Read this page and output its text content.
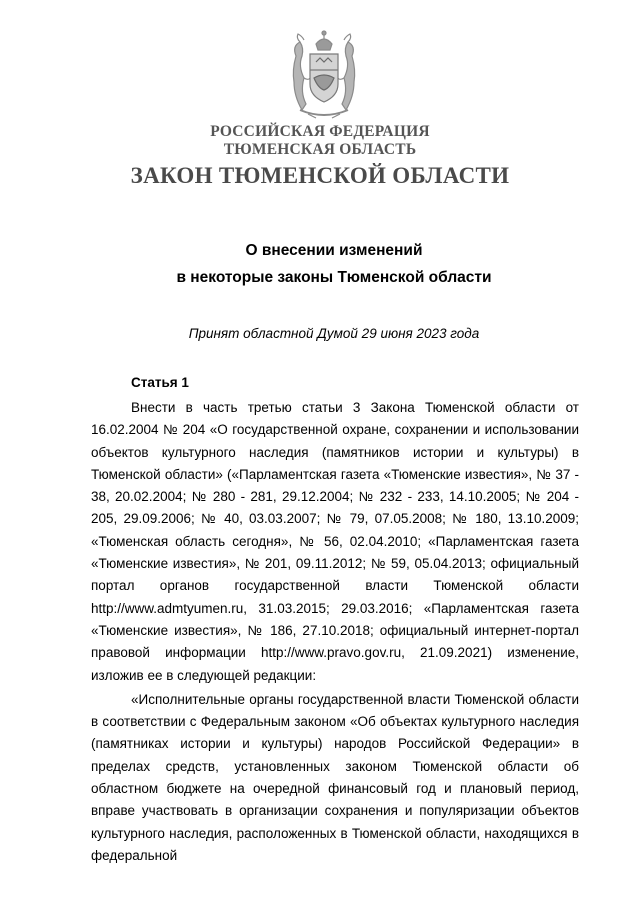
РОССИЙСКАЯ ФЕДЕРАЦИЯ
ТЮМЕНСКАЯ ОБЛАСТЬ
ЗАКОН ТЮМЕНСКОЙ ОБЛАСТИ
О внесении изменений
в некоторые законы Тюменской области
Принят областной Думой 29 июня 2023 года
Статья 1

Внести в часть третью статьи 3 Закона Тюменской области от 16.02.2004 № 204 «О государственной охране, сохранении и использовании объектов культурного наследия (памятников истории и культуры) в Тюменской области» («Парламентская газета «Тюменские известия», № 37 - 38, 20.02.2004; № 280 - 281, 29.12.2004; № 232 - 233, 14.10.2005; № 204 - 205, 29.09.2006; № 40, 03.03.2007; № 79, 07.05.2008; № 180, 13.10.2009; «Тюменская область сегодня», № 56, 02.04.2010; «Парламентская газета «Тюменские известия», № 201, 09.11.2012; № 59, 05.04.2013; официальный портал органов государственной власти Тюменской области http://www.admtyumen.ru, 31.03.2015; 29.03.2016; «Парламентская газета «Тюменские известия», № 186, 27.10.2018; официальный интернет-портал правовой информации http://www.pravo.gov.ru, 21.09.2021) изменение, изложив ее в следующей редакции:

«Исполнительные органы государственной власти Тюменской области в соответствии с Федеральным законом «Об объектах культурного наследия (памятниках истории и культуры) народов Российской Федерации» в пределах средств, установленных законом Тюменской области об областном бюджете на очередной финансовый год и плановый период, вправе участвовать в организации сохранения и популяризации объектов культурного наследия, расположенных в Тюменской области, находящихся в федеральной
